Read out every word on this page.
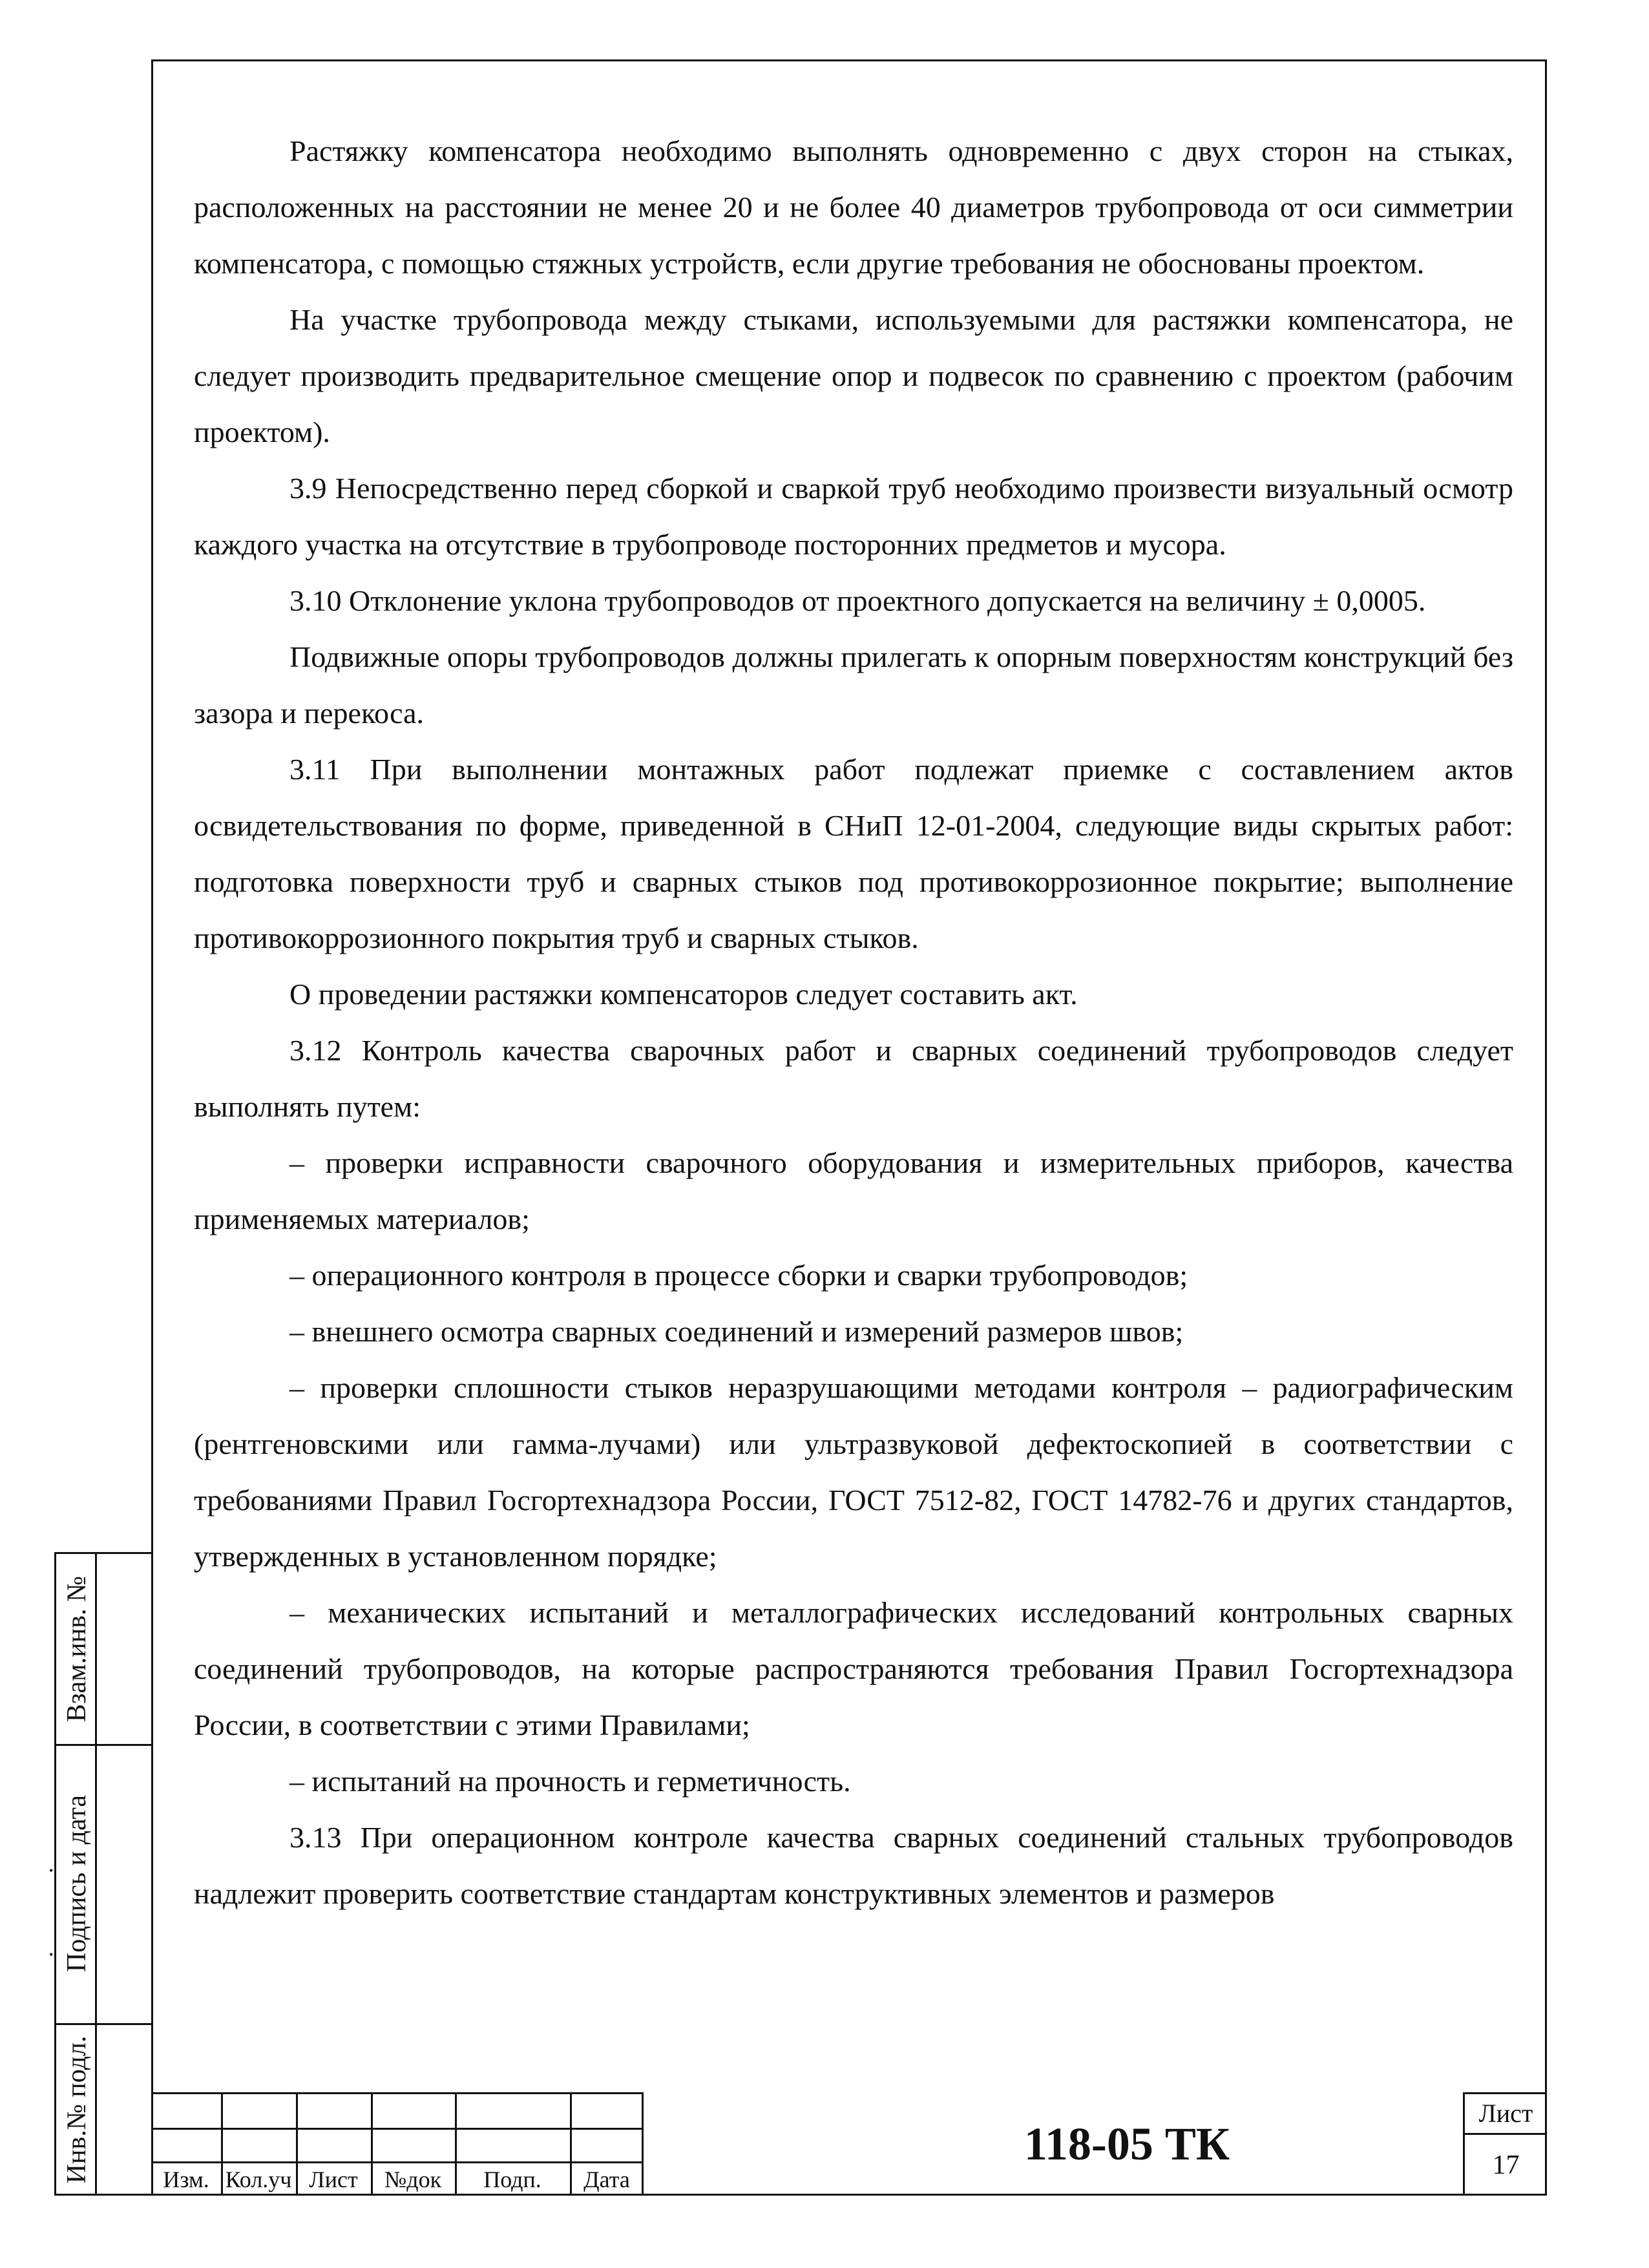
Растяжку компенсатора необходимо выполнять одновременно с двух сторон на стыках, расположенных на расстоянии не менее 20 и не более 40 диаметров трубопровода от оси симметрии компенсатора, с помощью стяжных устройств, если другие требования не обоснованы проектом.

На участке трубопровода между стыками, используемыми для растяжки компенсатора, не следует производить предварительное смещение опор и подвесок по сравнению с проектом (рабочим проектом).

3.9 Непосредственно перед сборкой и сваркой труб необходимо произвести визуальный осмотр каждого участка на отсутствие в трубопроводе посторонних предметов и мусора.

3.10 Отклонение уклона трубопроводов от проектного допускается на величину ± 0,0005.

Подвижные опоры трубопроводов должны прилегать к опорным поверхностям конструкций без зазора и перекоса.

3.11 При выполнении монтажных работ подлежат приемке с составлением актов освидетельствования по форме, приведенной в СНиП 12-01-2004, следующие виды скрытых работ: подготовка поверхности труб и сварных стыков под противокоррозионное покрытие; выполнение противокоррозионного покрытия труб и сварных стыков.

О проведении растяжки компенсаторов следует составить акт.

3.12 Контроль качества сварочных работ и сварных соединений трубопроводов следует выполнять путем:

– проверки исправности сварочного оборудования и измерительных приборов, качества применяемых материалов;

– операционного контроля в процессе сборки и сварки трубопроводов;

– внешнего осмотра сварных соединений и измерений размеров швов;

– проверки сплошности стыков неразрушающими методами контроля – радиографическим (рентгеновскими или гамма-лучами) или ультразвуковой дефектоскопией в соответствии с требованиями Правил Госгортехнадзора России, ГОСТ 7512-82, ГОСТ 14782-76 и других стандартов, утвержденных в установленном порядке;

– механических испытаний и металлографических исследований контрольных сварных соединений трубопроводов, на которые распространяются требования Правил Госгортехнадзора России, в соответствии с этими Правилами;

– испытаний на прочность и герметичность.

3.13 При операционном контроле качества сварных соединений стальных трубопроводов надлежит проверить соответствие стандартам конструктивных элементов и размеров

Взам.инв. №
Подпись и дата
Инв.№ подл.
•
•
Изм. Кол.уч Лист	№док	Подп.	Дата
118-05 ТК
Лист
17
